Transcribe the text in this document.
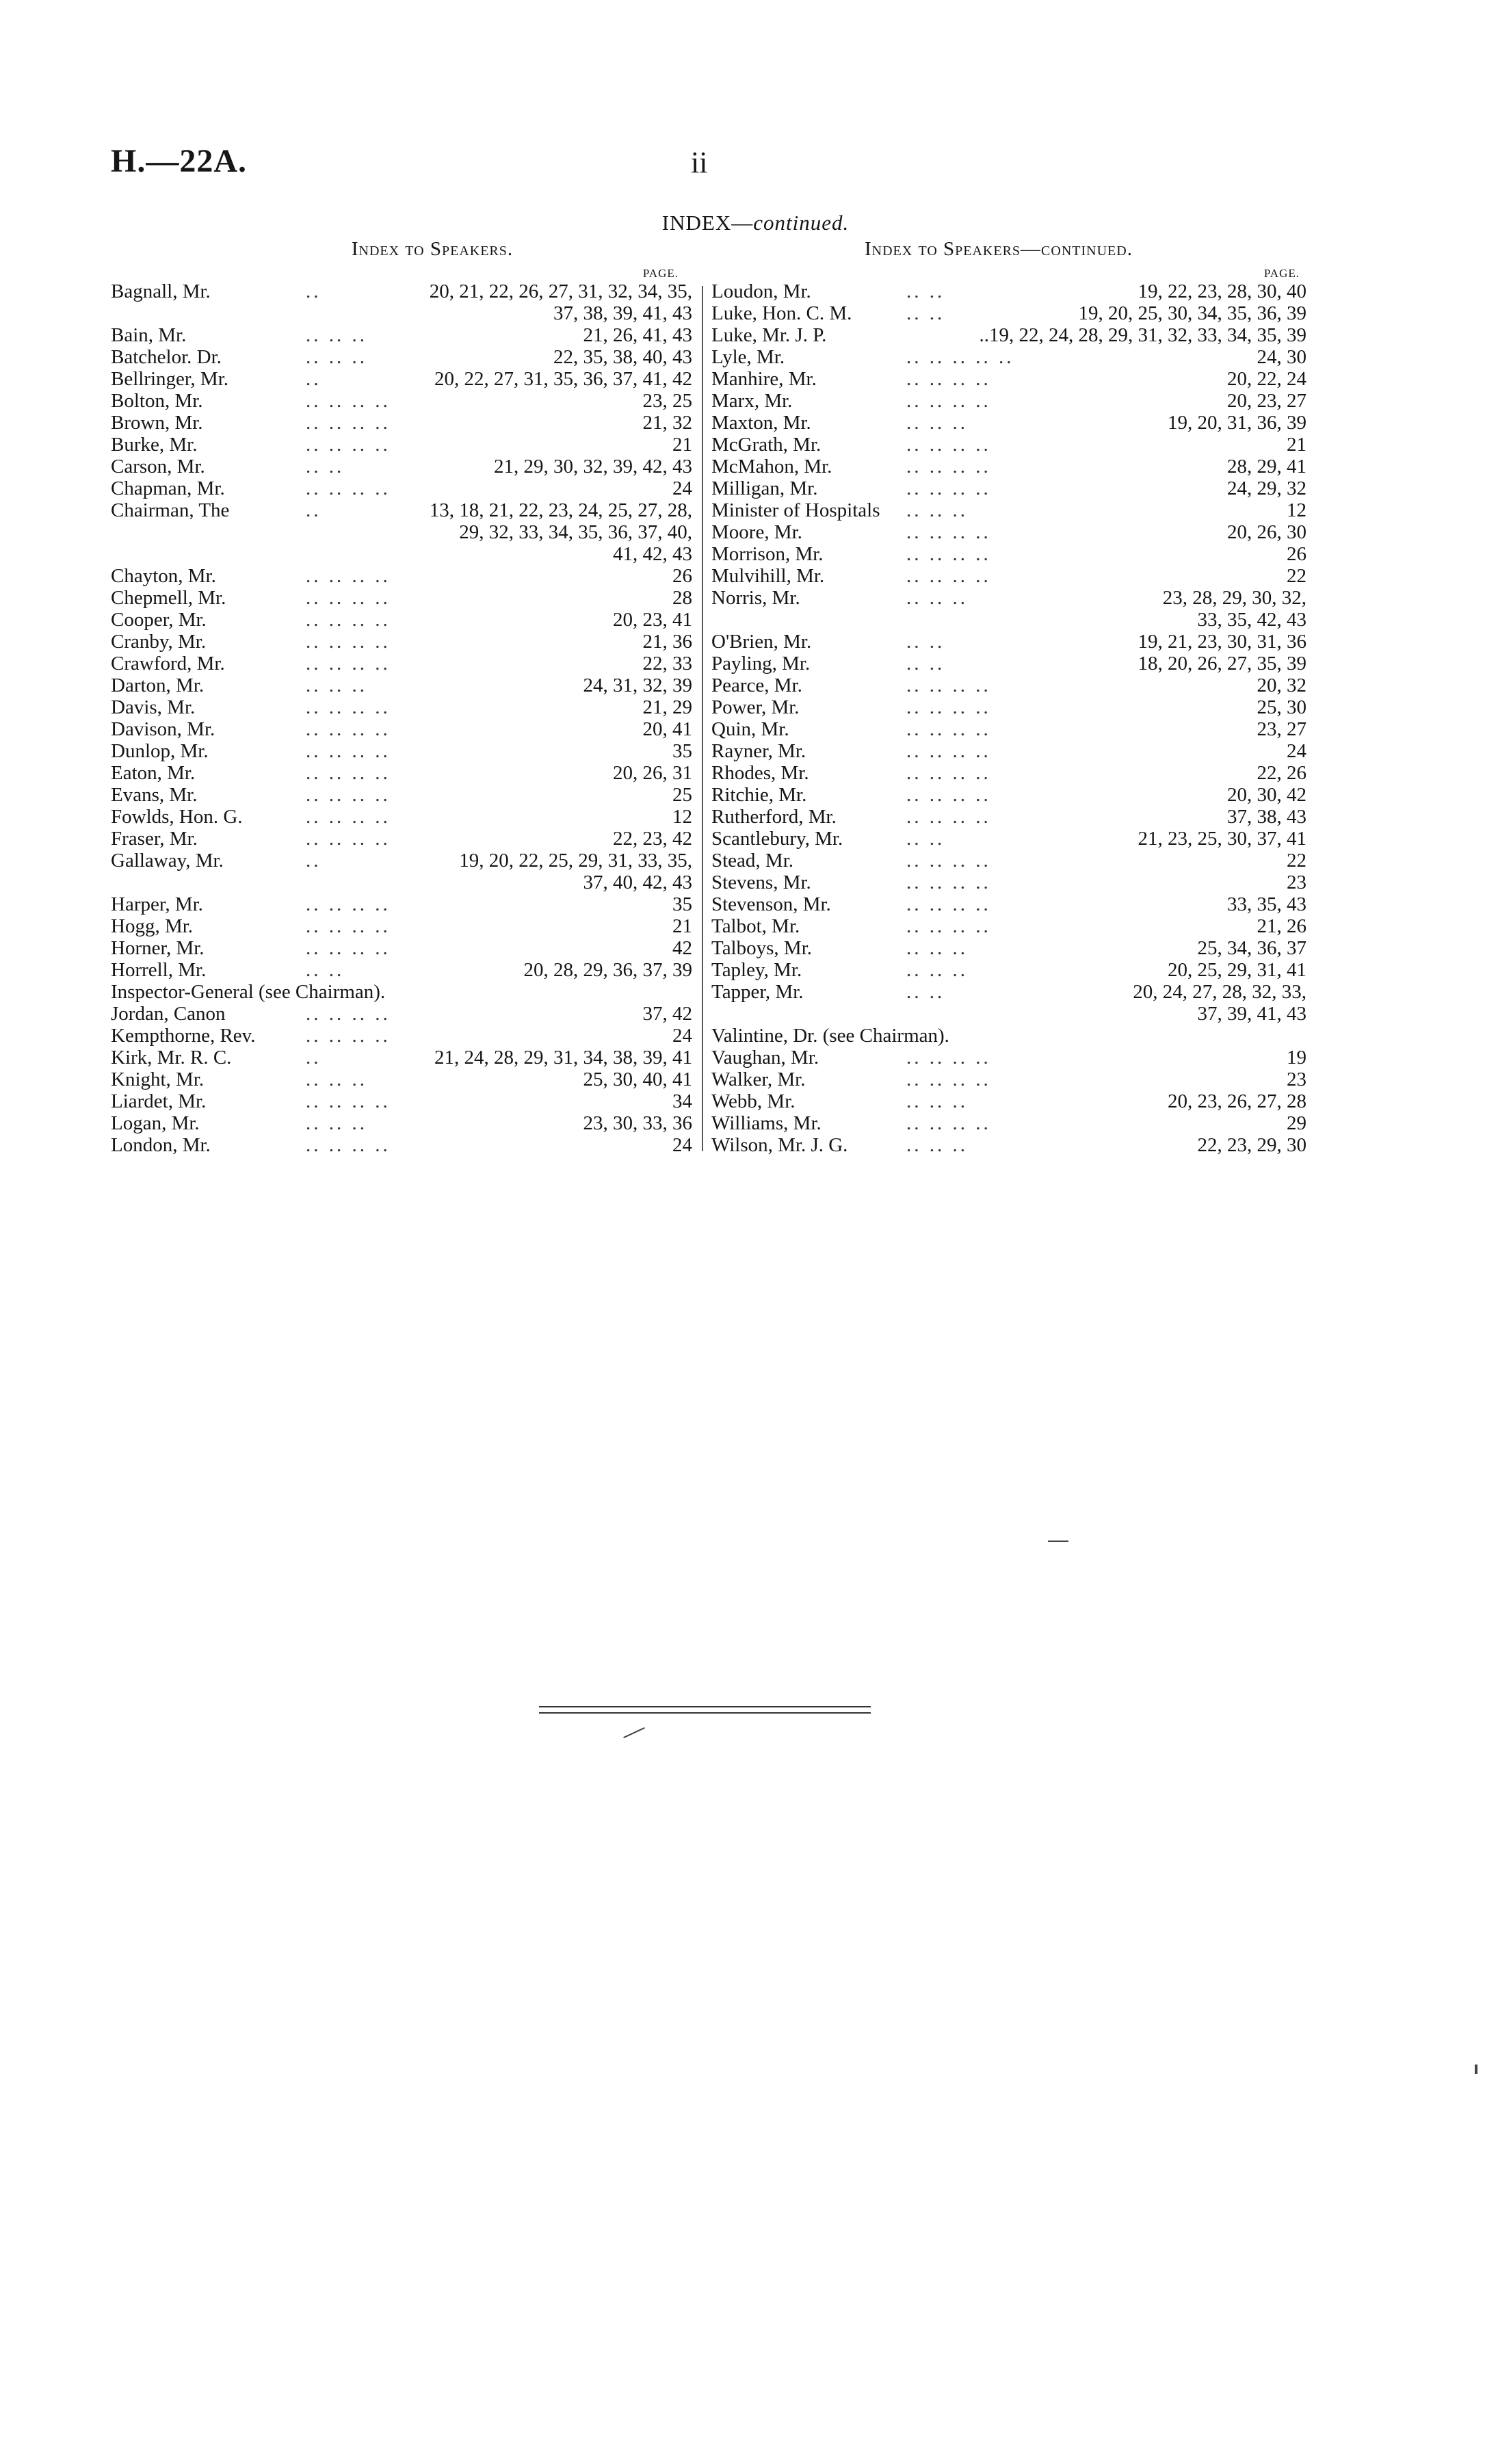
H.—22A.	ii
INDEX—continued.
Index to Speakers.
PAGE.
Bagnall, Mr.	..	20, 21, 22, 26, 27, 31, 32, 34, 35,
37, 38, 39, 41, 43
Bain, Mr.	.. .. ..	21, 26, 41, 43
Batchelor. Dr.	.. .. ..	22, 35, 38, 40, 43
Bellringer, Mr.	..	20, 22, 27, 31, 35, 36, 37, 41, 42
Bolton, Mr.	.. .. .. ..	23, 25
Brown, Mr.	.. .. .. ..	21, 32
Burke, Mr.	.. .. .. ..	21
Carson, Mr.	.. ..	21, 29, 30, 32, 39, 42, 43
Chapman, Mr.	.. .. .. ..	24
Chairman, The	..	13, 18, 21, 22, 23, 24, 25, 27, 28,
29, 32, 33, 34, 35, 36, 37, 40,
41, 42, 43
Chayton, Mr.	.. .. .. ..	26
Chepmell, Mr.	.. .. .. ..	28
Cooper, Mr.	.. .. .. ..	20, 23, 41
Cranby, Mr.	.. .. .. ..	21, 36
Crawford, Mr.	.. .. .. ..	22, 33
Darton, Mr.	.. .. ..	24, 31, 32, 39
Davis, Mr.	.. .. .. ..	21, 29
Davison, Mr.	.. .. .. ..	20, 41
Dunlop, Mr.	.. .. .. ..	35
Eaton, Mr.	.. .. .. ..	20, 26, 31
Evans, Mr.	.. .. .. ..	25
Fowlds, Hon. G.	.. .. .. ..	12
Fraser, Mr.	.. .. .. ..	22, 23, 42
Gallaway, Mr.	..	19, 20, 22, 25, 29, 31, 33, 35,
37, 40, 42, 43
Harper, Mr.	.. .. .. ..	35
Hogg, Mr.	.. .. .. ..	21
Horner, Mr.	.. .. .. ..	42
Horrell, Mr.	.. ..	20, 28, 29, 36, 37, 39
Inspector-General (see Chairman).
Jordan, Canon	.. .. .. ..	37, 42
Kempthorne, Rev.	.. .. .. ..	24
Kirk, Mr. R. C.	..	21, 24, 28, 29, 31, 34, 38, 39, 41
Knight, Mr.	.. .. ..	25, 30, 40, 41
Liardet, Mr.	.. .. .. ..	34
Logan, Mr.	.. .. ..	23, 30, 33, 36
London, Mr.	.. .. .. ..	24
Index to Speakers—continued.
PAGE.
Loudon, Mr.	.. ..	19, 22, 23, 28, 30, 40
Luke, Hon. C. M.	.. ..	19, 20, 25, 30, 34, 35, 36, 39
Luke, Mr. J. P.	..19, 22, 24, 28, 29, 31, 32, 33, 34, 35, 39
Lyle, Mr.	.. .. .. .. ..	24, 30
Manhire, Mr.	.. .. .. ..	20, 22, 24
Marx, Mr.	.. .. .. ..	20, 23, 27
Maxton, Mr.	.. .. ..	19, 20, 31, 36, 39
McGrath, Mr.	.. .. .. ..	21
McMahon, Mr.	.. .. .. ..	28, 29, 41
Milligan, Mr.	.. .. .. ..	24, 29, 32
Minister of Hospitals .. .. ..	12
Moore, Mr.	.. .. .. ..	20, 26, 30
Morrison, Mr.	.. .. .. ..	26
Mulvihill, Mr.	.. .. .. ..	22
Norris, Mr.	.. .. ..	23, 28, 29, 30, 32,
33, 35, 42, 43
O'Brien, Mr.	.. ..	19, 21, 23, 30, 31, 36
Payling, Mr.	.. ..	18, 20, 26, 27, 35, 39
Pearce, Mr.	.. .. .. ..	20, 32
Power, Mr.	.. .. .. ..	25, 30
Quin, Mr.	.. .. .. ..	23, 27
Rayner, Mr.	.. .. .. ..	24
Rhodes, Mr.	.. .. .. ..	22, 26
Ritchie, Mr.	.. .. .. ..	20, 30, 42
Rutherford, Mr.	.. .. .. ..	37, 38, 43
Scantlebury, Mr.	.. ..	21, 23, 25, 30, 37, 41
Stead, Mr.	.. .. .. ..	22
Stevens, Mr.	.. .. .. ..	23
Stevenson, Mr.	.. .. .. ..	33, 35, 43
Talbot, Mr.	.. .. .. ..	21, 26
Talboys, Mr.	.. .. ..	25, 34, 36, 37
Tapley, Mr.	.. .. ..	20, 25, 29, 31, 41
Tapper, Mr.	.. ..	20, 24, 27, 28, 32, 33,
37, 39, 41, 43
Valintine, Dr. (see Chairman).
Vaughan, Mr.	.. .. .. ..	19
Walker, Mr.	.. .. .. ..	23
Webb, Mr.	.. .. ..	20, 23, 26, 27, 28
Williams, Mr.	.. .. .. ..	29
Wilson, Mr. J. G.	.. .. ..	22, 23, 29, 30
